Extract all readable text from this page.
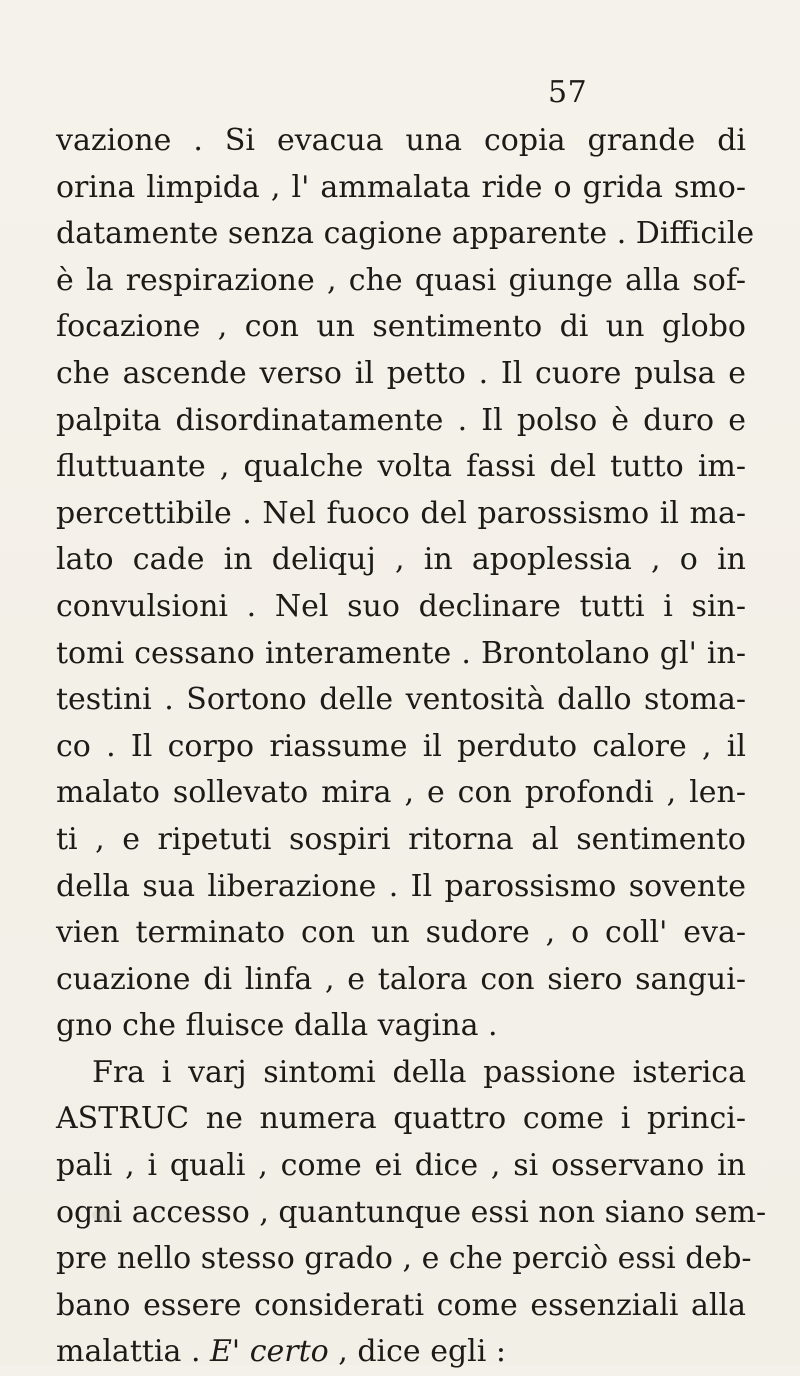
57
vazione . Si evacua una copia grande di
orina limpida , l' ammalata ride o grida smo-
datamente senza cagione apparente . Difficile
è la respirazione , che quasi giunge alla sof-
focazione , con un sentimento di un globo
che ascende verso il petto . Il cuore pulsa e
palpita disordinatamente . Il polso è duro e
fluttuante , qualche volta fassi del tutto im-
percettibile . Nel fuoco del parossismo il ma-
lato cade in deliquj , in apoplessia , o in
convulsioni . Nel suo declinare tutti i sin-
tomi cessano interamente . Brontolano gl' in-
testini . Sortono delle ventosità dallo stoma-
co . Il corpo riassume il perduto calore , il
malato sollevato mira , e con profondi , len-
ti , e ripetuti sospiri ritorna al sentimento
della sua liberazione . Il parossismo sovente
vien terminato con un sudore , o coll' eva-
cuazione di linfa , e talora con siero sangui-
gno che fluisce dalla vagina .
Fra i varj sintomi della passione isterica
ASTRUC ne numera quattro come i princi-
pali , i quali , come ei dice , si osservano in
ogni accesso , quantunque essi non siano sem-
pre nello stesso grado , e che perciò essi deb-
bano essere considerati come essenziali alla
malattia . E' certo , dice egli :
